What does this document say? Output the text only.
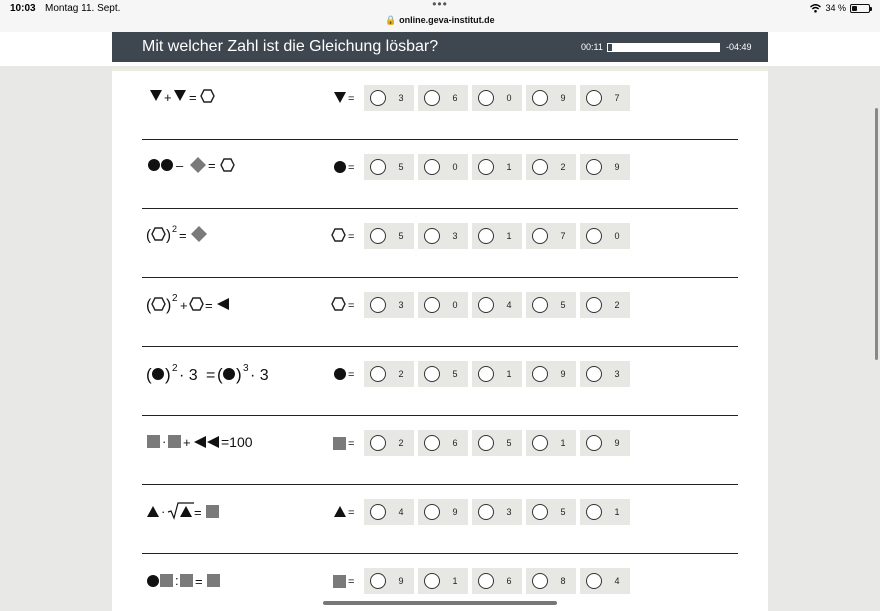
10:03 Montag 11. Sept.	•••
🔒 online.geva-institut.de
34 %
Mit welcher Zahl ist die Gleichung lösbar?	00:11	-04:49
+ =	=	3	6	0	9	7
– =	=	5	0	1	2	9
( ) 2 =	=	5	3	1	7	0
( ) 2 + =	=	3	0	4	5	2
( ) 2 · 3 = ( ) 3 · 3	=	2	5	1	9	3
· + =100	=	2	6	5	1	9
· =	=	4	9	3	5	1
: =	=	9	1	6	8	4
